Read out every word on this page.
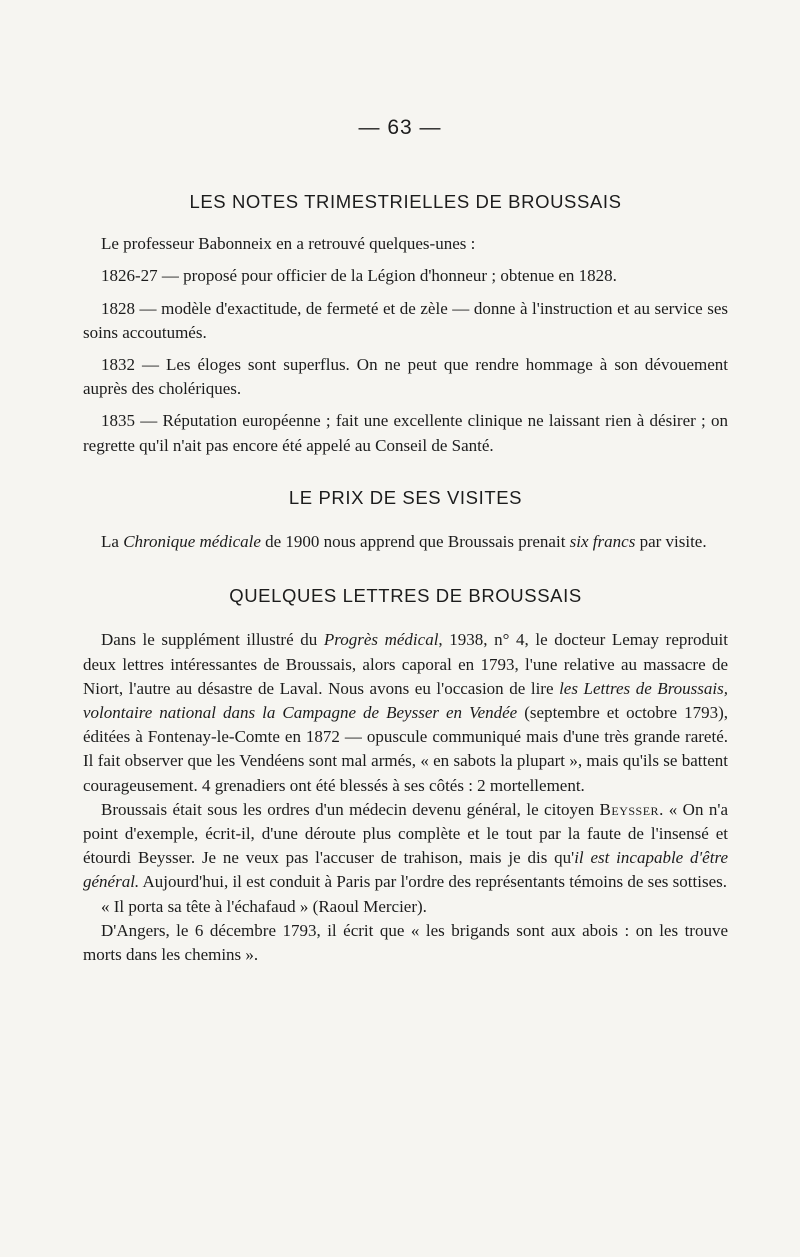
— 63 —
LES NOTES TRIMESTRIELLES DE BROUSSAIS

Le professeur Babonneix en a retrouvé quelques-unes :

1826-27 — proposé pour officier de la Légion d'honneur ; obtenue en 1828.

1828 — modèle d'exactitude, de fermeté et de zèle — donne à l'instruction et au service ses soins accoutumés.

1832 — Les éloges sont superflus. On ne peut que rendre hommage à son dévouement auprès des cholériques.

1835 — Réputation européenne ; fait une excellente clinique ne laissant rien à désirer ; on regrette qu'il n'ait pas encore été appelé au Conseil de Santé.

LE PRIX DE SES VISITES

La Chronique médicale de 1900 nous apprend que Broussais prenait six francs par visite.

QUELQUES LETTRES DE BROUSSAIS

Dans le supplément illustré du Progrès médical, 1938, n° 4, le docteur Lemay reproduit deux lettres intéressantes de Broussais, alors caporal en 1793, l'une relative au massacre de Niort, l'autre au désastre de Laval. Nous avons eu l'occasion de lire les Lettres de Broussais, volontaire national dans la Campagne de Beysser en Vendée (septembre et octobre 1793), éditées à Fontenay-le-Comte en 1872 — opuscule communiqué mais d'une très grande rareté. Il fait observer que les Vendéens sont mal armés, « en sabots la plupart », mais qu'ils se battent courageusement. 4 grenadiers ont été blessés à ses côtés : 2 mortellement.

Broussais était sous les ordres d'un médecin devenu général, le citoyen Beysser. « On n'a point d'exemple, écrit-il, d'une déroute plus complète et le tout par la faute de l'insensé et étourdi Beysser. Je ne veux pas l'accuser de trahison, mais je dis qu'il est incapable d'être général. Aujourd'hui, il est conduit à Paris par l'ordre des représentants témoins de ses sottises.

« Il porta sa tête à l'échafaud » (Raoul Mercier).

D'Angers, le 6 décembre 1793, il écrit que « les brigands sont aux abois : on les trouve morts dans les chemins ».
